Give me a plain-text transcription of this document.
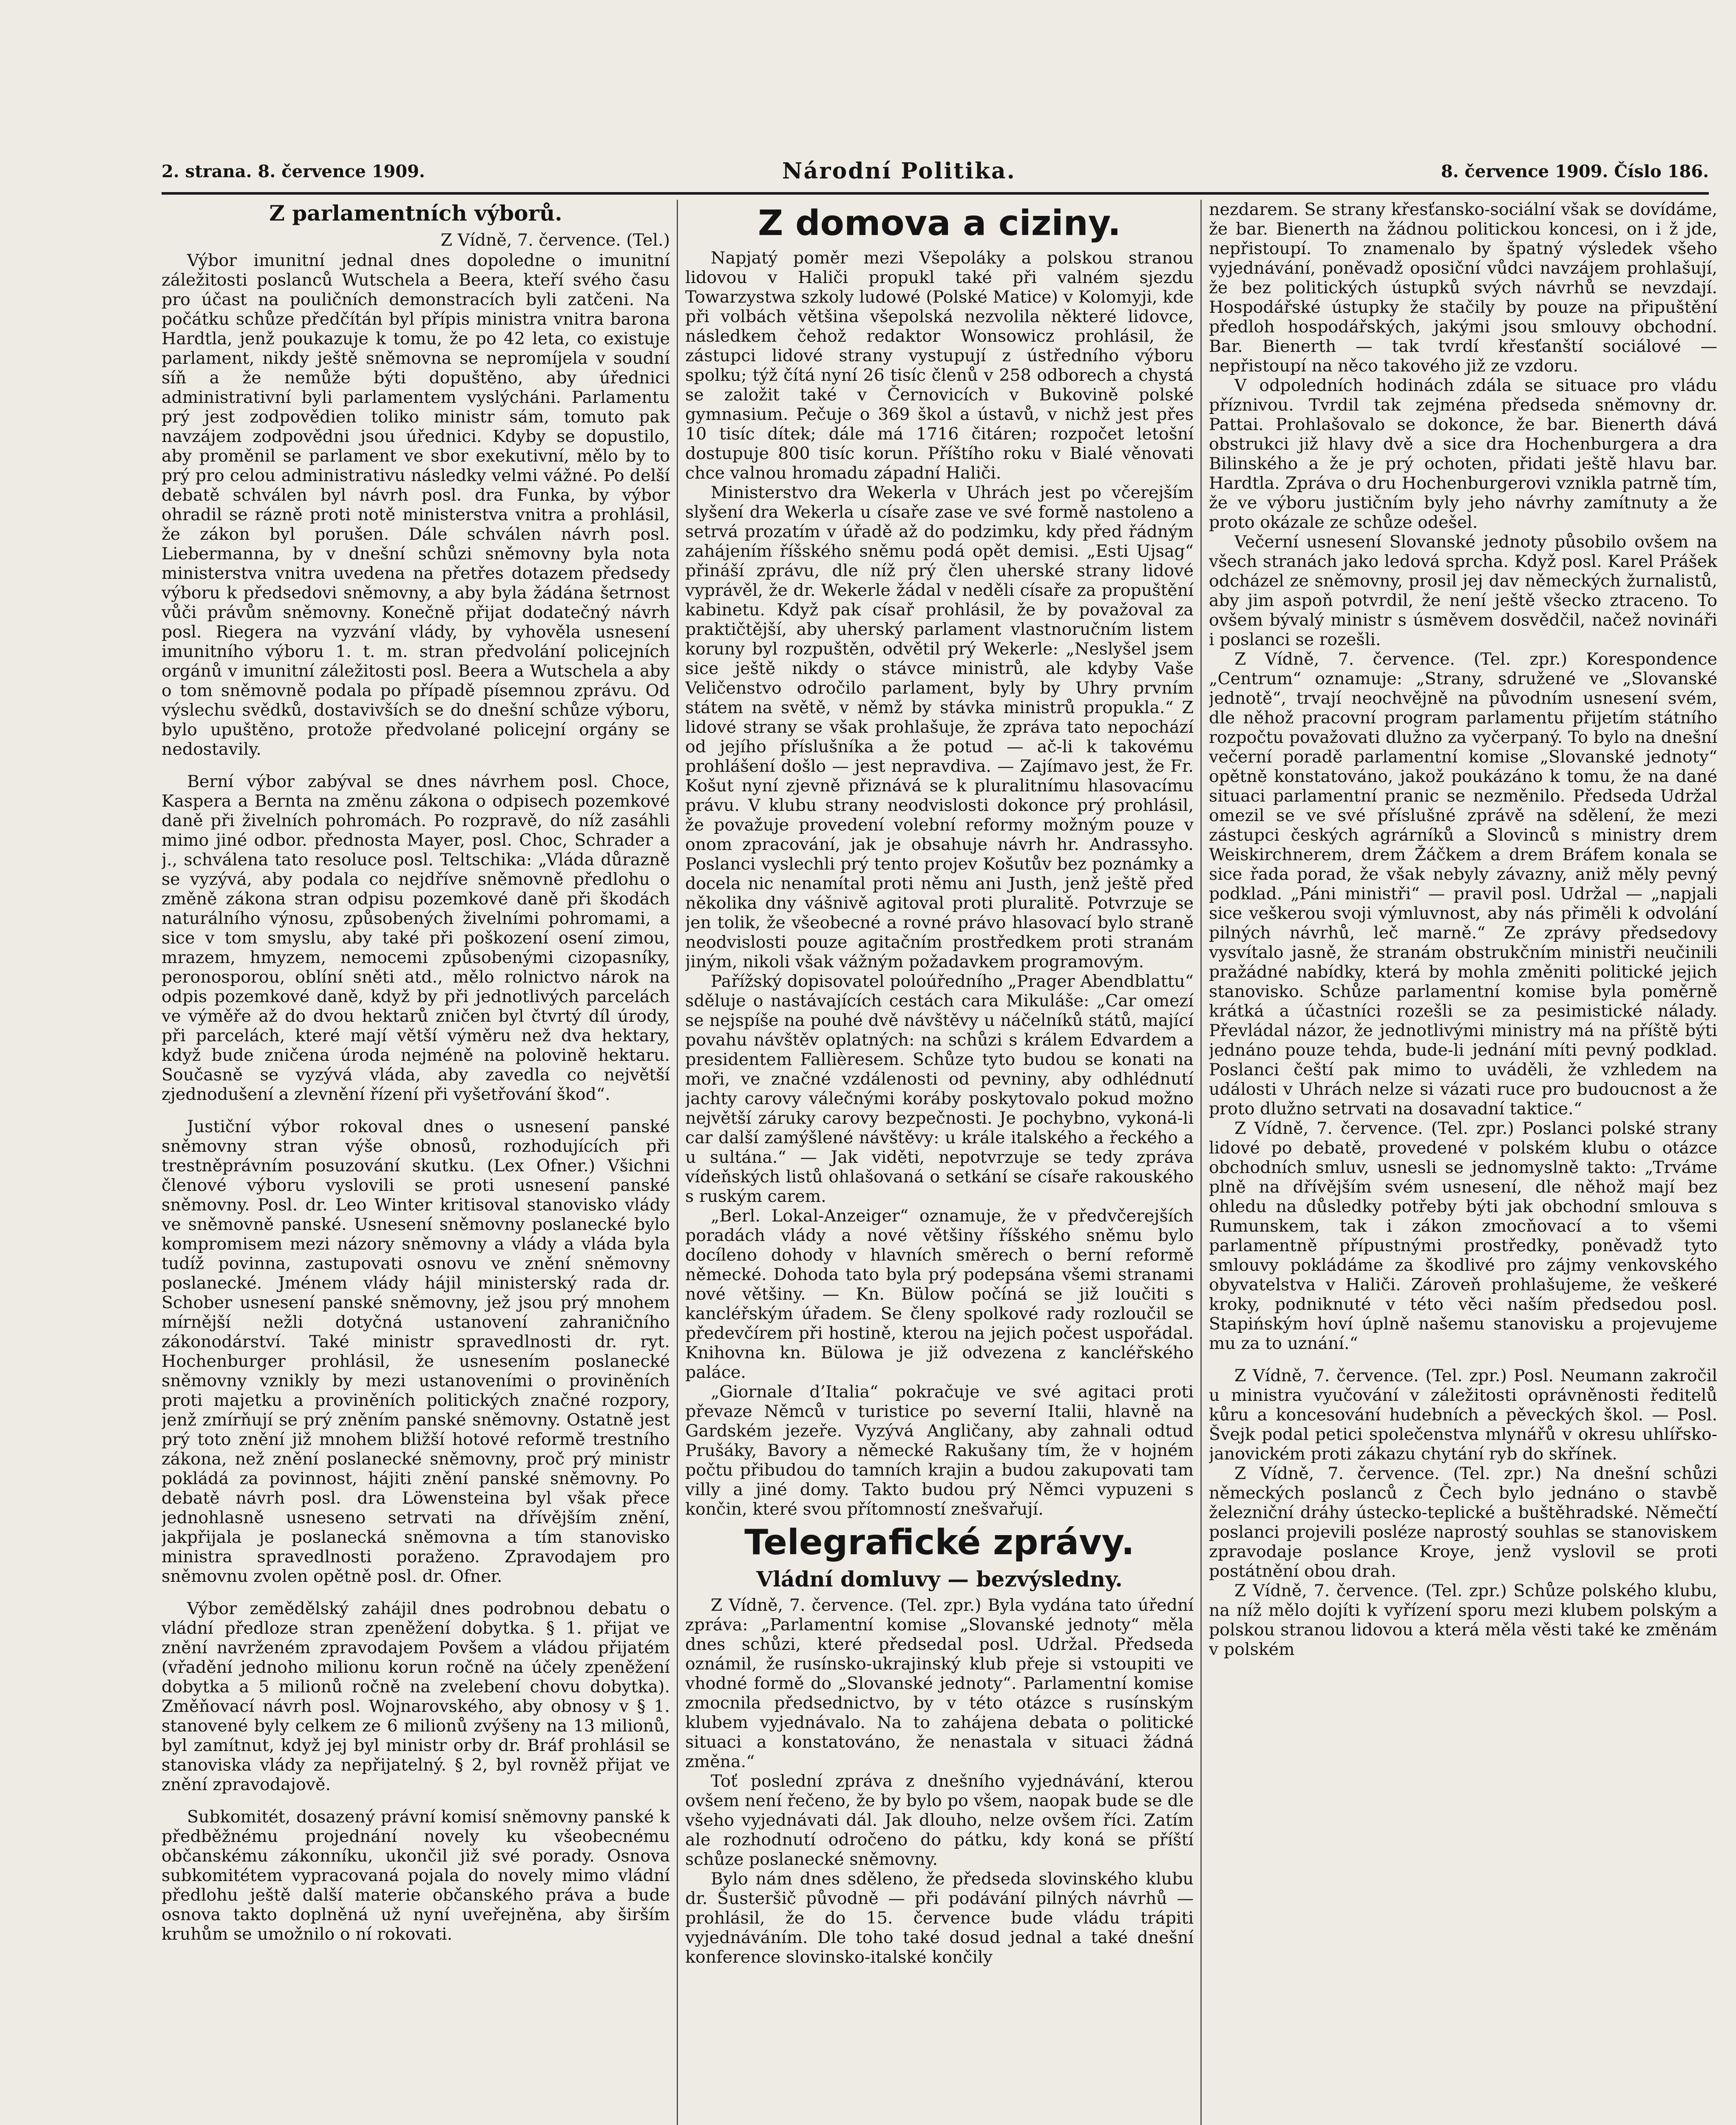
2. strana. 8. července 1909.	Národní Politika.	8. července 1909. Číslo 186.
Z parlamentních výborů.

Z Vídně, 7. července. (Tel.)

Výbor imunitní jednal dnes dopoledne o imunitní záležitosti poslanců Wutschela a Beera, kteří svého času pro účast na pouličních demonstracích byli zatčeni. Na počátku schůze předčítán byl přípis ministra vnitra barona Hardtla, jenž poukazuje k tomu, že po 42 leta, co existuje parlament, nikdy ještě sněmovna se nepromíjela v soudní síň a že nemůže býti dopuštěno, aby úřednici administrativní byli parlamentem vyslýcháni. Parlamentu prý jest zodpovědien toliko ministr sám, tomuto pak navzájem zodpovědni jsou úřednici. Kdyby se dopustilo, aby proměnil se parlament ve sbor exekutivní, mělo by to prý pro celou administrativu následky velmi vážné. Po delší debatě schválen byl návrh posl. dra Funka, by výbor ohradil se rázně proti notě ministerstva vnitra a prohlásil, že zákon byl porušen. Dále schválen návrh posl. Liebermanna, by v dnešní schůzi sněmovny byla nota ministerstva vnitra uvedena na přetřes dotazem předsedy výboru k předsedovi sněmovny, a aby byla žádána šetrnost vůči právům sněmovny. Konečně přijat dodatečný návrh posl. Riegera na vyzvání vlády, by vyhověla usnesení imunitního výboru 1. t. m. stran předvolání policejních orgánů v imunitní záležitosti posl. Beera a Wutschela a aby o tom sněmovně podala po případě písemnou zprávu. Od výslechu svědků, dostavivších se do dnešní schůze výboru, bylo upuštěno, protože předvolané policejní orgány se nedostavily.

Berní výbor zabýval se dnes návrhem posl. Choce, Kaspera a Bernta na změnu zákona o odpisech pozemkové daně při živelních pohromách. Po rozpravě, do níž zasáhli mimo jiné odbor. přednosta Mayer, posl. Choc, Schrader a j., schválena tato resoluce posl. Teltschika: „Vláda důrazně se vyzývá, aby podala co nejdříve sněmovně předlohu o změně zákona stran odpisu pozemkové daně při škodách naturálního výnosu, způsobených živelními pohromami, a sice v tom smyslu, aby také při poškození osení zimou, mrazem, hmyzem, nemocemi způsobenými cizopasníky, peronosporou, oblíní sněti atd., mělo rolnictvo nárok na odpis pozemkové daně, když by při jednotlivých parcelách ve výměře až do dvou hektarů zničen byl čtvrtý díl úrody, při parcelách, které mají větší výměru než dva hektary, když bude zničena úroda nejméně na polovině hektaru. Současně se vyzývá vláda, aby zavedla co největší zjednodušení a zlevnění řízení při vyšetřování škod“.

Justiční výbor rokoval dnes o usnesení panské sněmovny stran výše obnosů, rozhodujících při trestněprávním posuzování skutku. (Lex Ofner.) Všichni členové výboru vyslovili se proti usnesení panské sněmovny. Posl. dr. Leo Winter kritisoval stanovisko vlády ve sněmovně panské. Usnesení sněmovny poslanecké bylo kompromisem mezi názory sněmovny a vlády a vláda byla tudíž povinna, zastupovati osnovu ve znění sněmovny poslanecké. Jménem vlády hájil ministerský rada dr. Schober usnesení panské sněmovny, jež jsou prý mnohem mírnější nežli dotyčná ustanovení zahraničního zákonodárství. Také ministr spravedlnosti dr. ryt. Hochenburger prohlásil, že usnesením poslanecké sněmovny vznikly by mezi ustanoveními o proviněních proti majetku a proviněních politických značné rozpory, jenž zmírňují se prý zněním panské sněmovny. Ostatně jest prý toto znění již mnohem bližší hotové reformě trestního zákona, než znění poslanecké sněmovny, proč prý ministr pokládá za povinnost, hájiti znění panské sněmovny. Po debatě návrh posl. dra Löwensteina byl však přece jednohlasně usneseno setrvati na dřívějším znění, jakpřijala je poslanecká sněmovna a tím stanovisko ministra spravedlnosti poraženo. Zpravodajem pro sněmovnu zvolen opětně posl. dr. Ofner.

Výbor zemědělský zahájil dnes podrobnou debatu o vládní předloze stran zpeněžení dobytka. § 1. přijat ve znění navrženém zpravodajem Povšem a vládou přijatém (vřadění jednoho milionu korun ročně na účely zpeněžení dobytka a 5 milionů ročně na zvelebení chovu dobytka). Změňovací návrh posl. Wojnarovského, aby obnosy v § 1. stanovené byly celkem ze 6 milionů zvýšeny na 13 milionů, byl zamítnut, když jej byl ministr orby dr. Bráf prohlásil se stanoviska vlády za nepřijatelný. § 2, byl rovněž přijat ve znění zpravodajově.

Subkomitét, dosazený právní komisí sněmovny panské k předběžnému projednání novely ku všeobecnému občanskému zákonníku, ukončil již své porady. Osnova subkomitétem vypracovaná pojala do novely mimo vládní předlohu ještě další materie občanského práva a bude osnova takto doplněná už nyní uveřejněna, aby širším kruhům se umožnilo o ní rokovati.

Z domova a ciziny.

Napjatý poměr mezi Všepoláky a polskou stranou lidovou v Haliči propukl také při valném sjezdu Towarzystwa szkoly ludowé (Polské Matice) v Kolomyji, kde při volbách většina všepolská nezvolila některé lidovce, následkem čehož redaktor Wonsowicz prohlásil, že zástupci lidové strany vystupují z ústředního výboru spolku; týž čítá nyní 26 tisíc členů v 258 odborech a chystá se založit také v Černovicích v Bukovině polské gymnasium. Pečuje o 369 škol a ústavů, v nichž jest přes 10 tisíc dítek; dále má 1716 čitáren; rozpočet letošní dostupuje 800 tisíc korun. Příštího roku v Bialé věnovati chce valnou hromadu západní Haliči.

Ministerstvo dra Wekerla v Uhrách jest po včerejším slyšení dra Wekerla u císaře zase ve své formě nastoleno a setrvá prozatím v úřadě až do podzimku, kdy před řádným zahájením říšského sněmu podá opět demisi. „Esti Ujsag“ přináší zprávu, dle níž prý člen uherské strany lidové vyprávěl, že dr. Wekerle žádal v neděli císaře za propuštění kabinetu. Když pak císař prohlásil, že by považoval za praktičtější, aby uherský parlament vlastnoručním listem koruny byl rozpuštěn, odvětil prý Wekerle: „Neslyšel jsem sice ještě nikdy o stávce ministrů, ale kdyby Vaše Veličenstvo odročilo parlament, byly by Uhry prvním státem na světě, v němž by stávka ministrů propukla.“ Z lidové strany se však prohlašuje, že zpráva tato nepochází od jejího příslušníka a že potud — ač-li k takovému prohlášení došlo — jest nepravdiva. — Zajímavo jest, že Fr. Košut nyní zjevně přiznává se k pluralitnímu hlasovacímu právu. V klubu strany neodvislosti dokonce prý prohlásil, že považuje provedení volební reformy možným pouze v onom zpracování, jak je obsahuje návrh hr. Andrassyho. Poslanci vyslechli prý tento projev Košutův bez poznámky a docela nic nenamítal proti němu ani Justh, jenž ještě před několika dny vášnivě agitoval proti pluralitě. Potvrzuje se jen tolik, že všeobecné a rovné právo hlasovací bylo straně neodvislosti pouze agitačním prostředkem proti stranám jiným, nikoli však vážným požadavkem programovým.

Pařížský dopisovatel poloúředního „Prager Abendblattu“ sděluje o nastávajících cestách cara Mikuláše: „Car omezí se nejspíše na pouhé dvě návštěvy u náčelníků států, mající povahu návštěv oplatných: na schůzi s králem Edvardem a presidentem Fallièresem. Schůze tyto budou se konati na moři, ve značné vzdálenosti od pevniny, aby odhlédnutí jachty carovy válečnými koráby poskytovalo pokud možno největší záruky carovy bezpečnosti. Je pochybno, vykoná-li car další zamýšlené návštěvy: u krále italského a řeckého a u sultána.“ — Jak viděti, nepotvrzuje se tedy zpráva vídeňských listů ohlašovaná o setkání se císaře rakouského s ruským carem.

„Berl. Lokal-Anzeiger“ oznamuje, že v předvčerejších poradách vlády a nové většiny říšského sněmu bylo docíleno dohody v hlavních směrech o berní reformě německé. Dohoda tato byla prý podepsána všemi stranami nové většiny. — Kn. Bülow počíná se již loučiti s kancléřským úřadem. Se členy spolkové rady rozloučil se předevčírem při hostině, kterou na jejich počest uspořádal. Knihovna kn. Bülowa je již odvezena z kancléřského paláce.

„Giornale d’Italia“ pokračuje ve své agitaci proti převaze Němců v turistice po severní Italii, hlavně na Gardském jezeře. Vyzývá Angličany, aby zahnali odtud Prušáky, Bavory a německé Rakušany tím, že v hojném počtu přibudou do tamních krajin a budou zakupovati tam villy a jiné domy. Takto budou prý Němci vypuzeni s končin, které svou přítomností znešvařují.

Telegrafické zprávy.
Vládní domluvy — bezvýsledny.

Z Vídně, 7. července. (Tel. zpr.) Byla vydána tato úřední zpráva: „Parlamentní komise „Slovanské jednoty“ měla dnes schůzi, které předsedal posl. Udržal. Předseda oznámil, že rusínsko-ukrajinský klub přeje si vstoupiti ve vhodné formě do „Slovanské jednoty“. Parlamentní komise zmocnila předsednictvo, by v této otázce s rusínským klubem vyjednávalo. Na to zahájena debata o politické situaci a konstatováno, že nenastala v situaci žádná změna.“

Toť poslední zpráva z dnešního vyjednávání, kterou ovšem není řečeno, že by bylo po všem, naopak bude se dle všeho vyjednávati dál. Jak dlouho, nelze ovšem říci. Zatím ale rozhodnutí odročeno do pátku, kdy koná se příští schůze poslanecké sněmovny.

Bylo nám dnes sděleno, že předseda slovinského klubu dr. Šusteršič původně — při podávání pilných návrhů — prohlásil, že do 15. července bude vládu trápiti vyjednáváním. Dle toho také dosud jednal a také dnešní konference slovinsko-italské končily

nezdarem. Se strany křesťansko-sociální však se dovídáme, že bar. Bienerth na žádnou politickou koncesi, on i ž jde, nepřistoupí. To znamenalo by špatný výsledek všeho vyjednávání, poněvadž oposiční vůdci navzájem prohlašují, že bez politických ústupků svých návrhů se nevzdají. Hospodářské ústupky že stačily by pouze na připuštění předloh hospodářských, jakými jsou smlouvy obchodní. Bar. Bienerth — tak tvrdí křesťanští sociálové — nepřistoupí na něco takového již ze vzdoru.

V odpoledních hodinách zdála se situace pro vládu příznivou. Tvrdil tak zejména předseda sněmovny dr. Pattai. Prohlašovalo se dokonce, že bar. Bienerth dává obstrukci již hlavy dvě a sice dra Hochenburgera a dra Bilinského a že je prý ochoten, přidati ještě hlavu bar. Hardtla. Zpráva o dru Hochenburgerovi vznikla patrně tím, že ve výboru justičním byly jeho návrhy zamítnuty a že proto okázale ze schůze odešel.

Večerní usnesení Slovanské jednoty působilo ovšem na všech stranách jako ledová sprcha. Když posl. Karel Prášek odcházel ze sněmovny, prosil jej dav německých žurnalistů, aby jim aspoň potvrdil, že není ještě všecko ztraceno. To ovšem bývalý ministr s úsměvem dosvědčil, načež novináři i poslanci se rozešli.

Z Vídně, 7. července. (Tel. zpr.) Korespondence „Centrum“ oznamuje: „Strany, sdružené ve „Slovanské jednotě“, trvají neochvějně na původním usnesení svém, dle něhož pracovní program parlamentu přijetím státního rozpočtu považovati dlužno za vyčerpaný. To bylo na dnešní večerní poradě parlamentní komise „Slovanské jednoty“ opětně konstatováno, jakož poukázáno k tomu, že na dané situaci parlamentní pranic se nezměnilo. Předseda Udržal omezil se ve své příslušné zprávě na sdělení, že mezi zástupci českých agrárníků a Slovinců s ministry drem Weiskirchnerem, drem Žáčkem a drem Bráfem konala se sice řada porad, že však nebyly závazny, aniž měly pevný podklad. „Páni ministři“ — pravil posl. Udržal — „napjali sice veškerou svoji výmluvnost, aby nás přiměli k odvolání pilných návrhů, leč marně.“ Ze zprávy předsedovy vysvítalo jasně, že stranám obstrukčním ministři neučinili pražádné nabídky, která by mohla změniti politické jejich stanovisko. Schůze parlamentní komise byla poměrně krátká a účastníci rozešli se za pesimistické nálady. Převládal názor, že jednotlivými ministry má na příště býti jednáno pouze tehda, bude-li jednání míti pevný podklad. Poslanci čeští pak mimo to uváděli, že vzhledem na události v Uhrách nelze si vázati ruce pro budoucnost a že proto dlužno setrvati na dosavadní taktice.“

Z Vídně, 7. července. (Tel. zpr.) Poslanci polské strany lidové po debatě, provedené v polském klubu o otázce obchodních smluv, usnesli se jednomyslně takto: „Trváme plně na dřívějším svém usnesení, dle něhož mají bez ohledu na důsledky potřeby býti jak obchodní smlouva s Rumunskem, tak i zákon zmocňovací a to všemi parlamentně přípustnými prostředky, poněvadž tyto smlouvy pokládáme za škodlivé pro zájmy venkovského obyvatelstva v Haliči. Zároveň prohlašujeme, že veškeré kroky, podniknuté v této věci naším předsedou posl. Stapińským hoví úplně našemu stanovisku a projevujeme mu za to uznání.“

Z Vídně, 7. července. (Tel. zpr.) Posl. Neumann zakročil u ministra vyučování v záležitosti oprávněnosti ředitelů kůru a koncesování hudebních a pěveckých škol. — Posl. Švejk podal petici společenstva mlynářů v okresu uhlířsko-janovickém proti zákazu chytání ryb do skřínek.

Z Vídně, 7. července. (Tel. zpr.) Na dnešní schůzi německých poslanců z Čech bylo jednáno o stavbě železniční dráhy ústecko-teplické a buštěhradské. Němečtí poslanci projevili posléze naprostý souhlas se stanoviskem zpravodaje poslance Kroye, jenž vyslovil se proti postátnění obou drah.

Z Vídně, 7. července. (Tel. zpr.) Schůze polského klubu, na níž mělo dojíti k vyřízení sporu mezi klubem polským a polskou stranou lidovou a která měla věsti také ke změnám v polském
